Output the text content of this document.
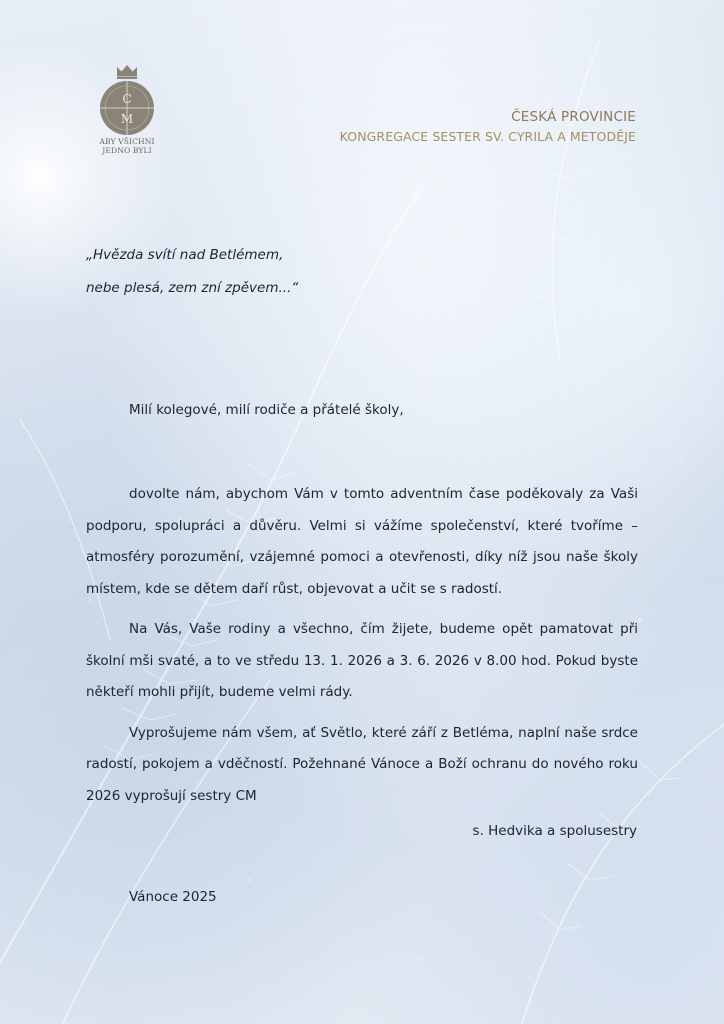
C
M
ABY VŠICHNI
JEDNO BYLI
ČESKÁ PROVINCIE
KONGREGACE SESTER SV. CYRILA A METODĚJE
„Hvězda svítí nad Betlémem,
nebe plesá, zem zní zpěvem...“
Milí kolegové, milí rodiče a přátelé školy,

dovolte nám, abychom Vám v tomto adventním čase poděkovaly za Vaši podporu, spolupráci a důvěru. Velmi si vážíme společenství, které tvoříme – atmosféry porozumění, vzájemné pomoci a otevřenosti, díky níž jsou naše školy místem, kde se dětem daří růst, objevovat a učit se s radostí.

Na Vás, Vaše rodiny a všechno, čím žijete, budeme opět pamatovat při školní mši svaté, a to ve středu 13. 1. 2026 a 3. 6. 2026 v 8.00 hod. Pokud byste někteří mohli přijít, budeme velmi rády.

Vyprošujeme nám všem, ať Světlo, které září z Betléma, naplní naše srdce radostí, pokojem a vděčností. Požehnané Vánoce a Boží ochranu do nového roku 2026 vyprošují sestry CM

s. Hedvika a spolusestry
Vánoce 2025
